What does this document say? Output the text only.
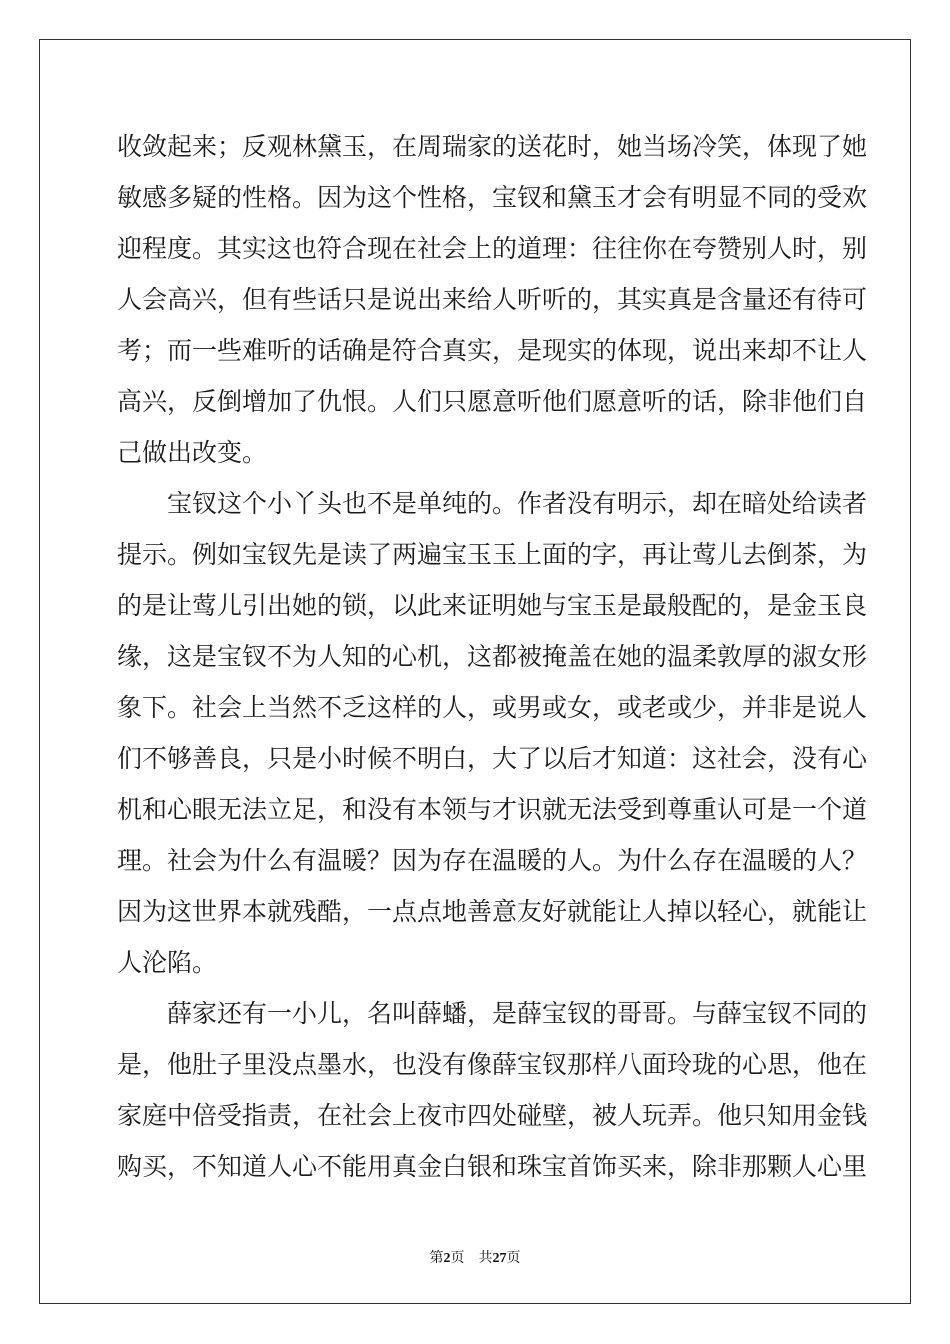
收敛起来；反观林黛玉，在周瑞家的送花时，她当场冷笑，体现了她
敏感多疑的性格。因为这个性格，宝钗和黛玉才会有明显不同的受欢
迎程度。其实这也符合现在社会上的道理：往往你在夸赞别人时，别
人会高兴，但有些话只是说出来给人听听的，其实真是含量还有待可
考；而一些难听的话确是符合真实，是现实的体现，说出来却不让人
高兴，反倒增加了仇恨。人们只愿意听他们愿意听的话，除非他们自
己做出改变。
　　宝钗这个小丫头也不是单纯的。作者没有明示，却在暗处给读者
提示。例如宝钗先是读了两遍宝玉玉上面的字，再让莺儿去倒茶，为
的是让莺儿引出她的锁，以此来证明她与宝玉是最般配的，是金玉良
缘，这是宝钗不为人知的心机，这都被掩盖在她的温柔敦厚的淑女形
象下。社会上当然不乏这样的人，或男或女，或老或少，并非是说人
们不够善良，只是小时候不明白，大了以后才知道：这社会，没有心
机和心眼无法立足，和没有本领与才识就无法受到尊重认可是一个道
理。社会为什么有温暖？因为存在温暖的人。为什么存在温暖的人？
因为这世界本就残酷，一点点地善意友好就能让人掉以轻心，就能让
人沦陷。
　　薛家还有一小儿，名叫薛蟠，是薛宝钗的哥哥。与薛宝钗不同的
是，他肚子里没点墨水，也没有像薛宝钗那样八面玲珑的心思，他在
家庭中倍受指责，在社会上夜市四处碰壁，被人玩弄。他只知用金钱
购买，不知道人心不能用真金白银和珠宝首饰买来，除非那颗人心里
第2页 共27页
